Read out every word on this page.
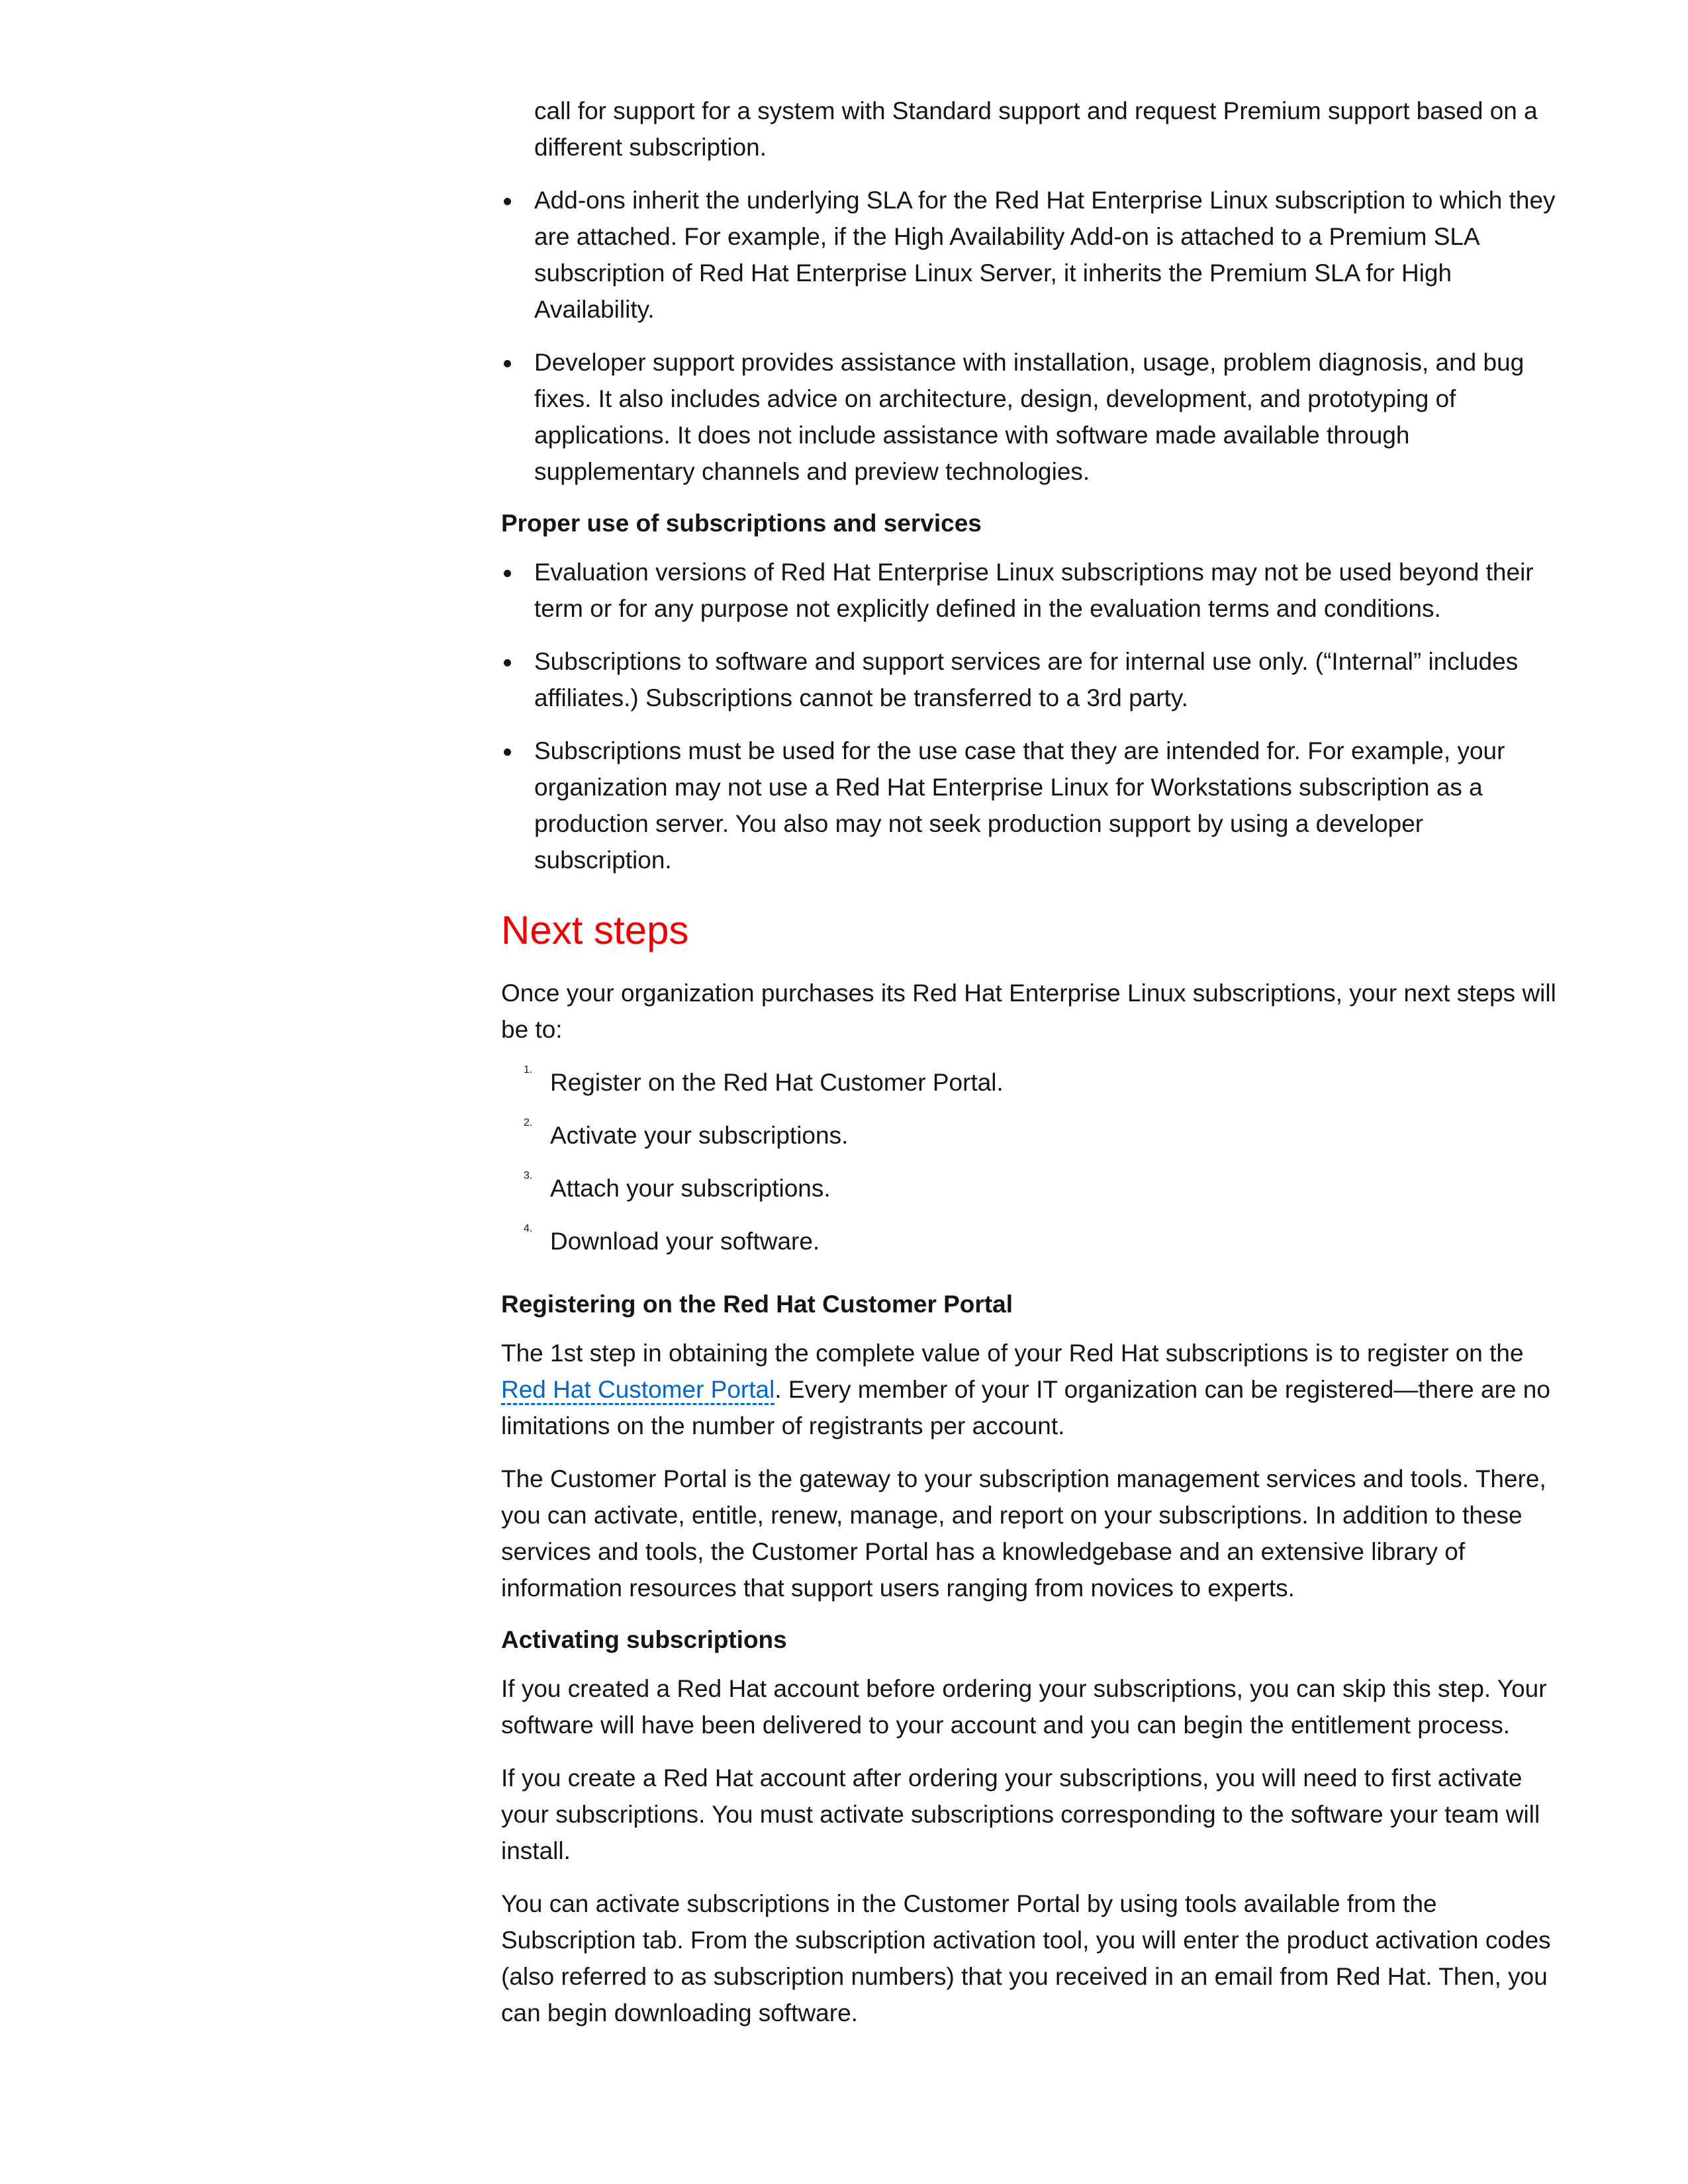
call for support for a system with Standard support and request Premium support based on a different subscription.

Add-ons inherit the underlying SLA for the Red Hat Enterprise Linux subscription to which they are attached. For example, if the High Availability Add-on is attached to a Premium SLA subscription of Red Hat Enterprise Linux Server, it inherits the Premium SLA for High Availability.

Developer support provides assistance with installation, usage, problem diagnosis, and bug fixes. It also includes advice on architecture, design, development, and prototyping of applications. It does not include assistance with software made available through supplementary channels and preview technologies.

Proper use of subscriptions and services

Evaluation versions of Red Hat Enterprise Linux subscriptions may not be used beyond their term or for any purpose not explicitly defined in the evaluation terms and conditions.

Subscriptions to software and support services are for internal use only. (“Internal” includes affiliates.) Subscriptions cannot be transferred to a 3rd party.

Subscriptions must be used for the use case that they are intended for. For example, your organization may not use a Red Hat Enterprise Linux for Workstations subscription as a production server. You also may not seek production support by using a developer subscription.

Next steps

Once your organization purchases its Red Hat Enterprise Linux subscriptions, your next steps will be to:

1. Register on the Red Hat Customer Portal.

2. Activate your subscriptions.

3. Attach your subscriptions.

4. Download your software.

Registering on the Red Hat Customer Portal

The 1st step in obtaining the complete value of your Red Hat subscriptions is to register on the Red Hat Customer Portal. Every member of your IT organization can be registered—there are no limitations on the number of registrants per account.

The Customer Portal is the gateway to your subscription management services and tools. There, you can activate, entitle, renew, manage, and report on your subscriptions. In addition to these services and tools, the Customer Portal has a knowledgebase and an extensive library of information resources that support users ranging from novices to experts.

Activating subscriptions

If you created a Red Hat account before ordering your subscriptions, you can skip this step. Your software will have been delivered to your account and you can begin the entitlement process.

If you create a Red Hat account after ordering your subscriptions, you will need to first activate your subscriptions. You must activate subscriptions corresponding to the software your team will install.

You can activate subscriptions in the Customer Portal by using tools available from the Subscription tab. From the subscription activation tool, you will enter the product activation codes (also referred to as subscription numbers) that you received in an email from Red Hat. Then, you can begin downloading software.
